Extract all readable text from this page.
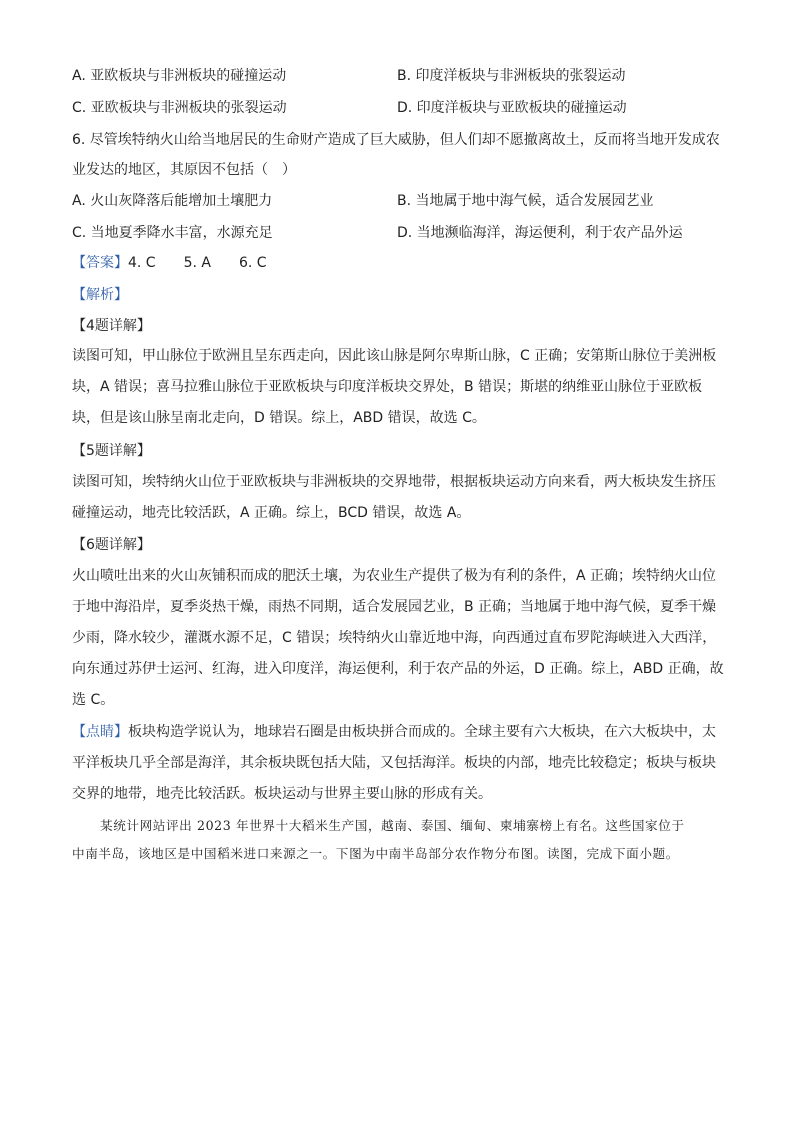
A. 亚欧板块与非洲板块的碰撞运动	B. 印度洋板块与非洲板块的张裂运动
C. 亚欧板块与非洲板块的张裂运动	D. 印度洋板块与亚欧板块的碰撞运动
6. 尽管埃特纳火山给当地居民的生命财产造成了巨大威胁，但人们却不愿撤离故土，反而将当地开发成农
业发达的地区，其原因不包括（　）
A. 火山灰降落后能增加土壤肥力	B. 当地属于地中海气候，适合发展园艺业
C. 当地夏季降水丰富，水源充足	D. 当地濒临海洋，海运便利，利于农产品外运
【答案】4. C　　5. A　　6. C
【解析】
【4题详解】

读图可知，甲山脉位于欧洲且呈东西走向，因此该山脉是阿尔卑斯山脉，C 正确；安第斯山脉位于美洲板

块，A 错误；喜马拉雅山脉位于亚欧板块与印度洋板块交界处，B 错误；斯堪的纳维亚山脉位于亚欧板

块，但是该山脉呈南北走向，D 错误。综上，ABD 错误，故选 C。

【5题详解】

读图可知，埃特纳火山位于亚欧板块与非洲板块的交界地带，根据板块运动方向来看，两大板块发生挤压

碰撞运动，地壳比较活跃，A 正确。综上，BCD 错误，故选 A。

【6题详解】

火山喷吐出来的火山灰铺积而成的肥沃土壤，为农业生产提供了极为有利的条件，A 正确；埃特纳火山位

于地中海沿岸，夏季炎热干燥，雨热不同期，适合发展园艺业，B 正确；当地属于地中海气候，夏季干燥

少雨，降水较少，灌溉水源不足，C 错误；埃特纳火山靠近地中海，向西通过直布罗陀海峡进入大西洋，

向东通过苏伊士运河、红海，进入印度洋，海运便利，利于农产品的外运，D 正确。综上，ABD 正确，故

选 C。

【点睛】板块构造学说认为，地球岩石圈是由板块拼合而成的。全球主要有六大板块，在六大板块中，太

平洋板块几乎全部是海洋，其余板块既包括大陆，又包括海洋。板块的内部，地壳比较稳定；板块与板块

交界的地带，地壳比较活跃。板块运动与世界主要山脉的形成有关。

某统计网站评出 2023 年世界十大稻米生产国，越南、泰国、缅甸、柬埔寨榜上有名。这些国家位于

中南半岛，该地区是中国稻米进口来源之一。下图为中南半岛部分农作物分布图。读图，完成下面小题。
